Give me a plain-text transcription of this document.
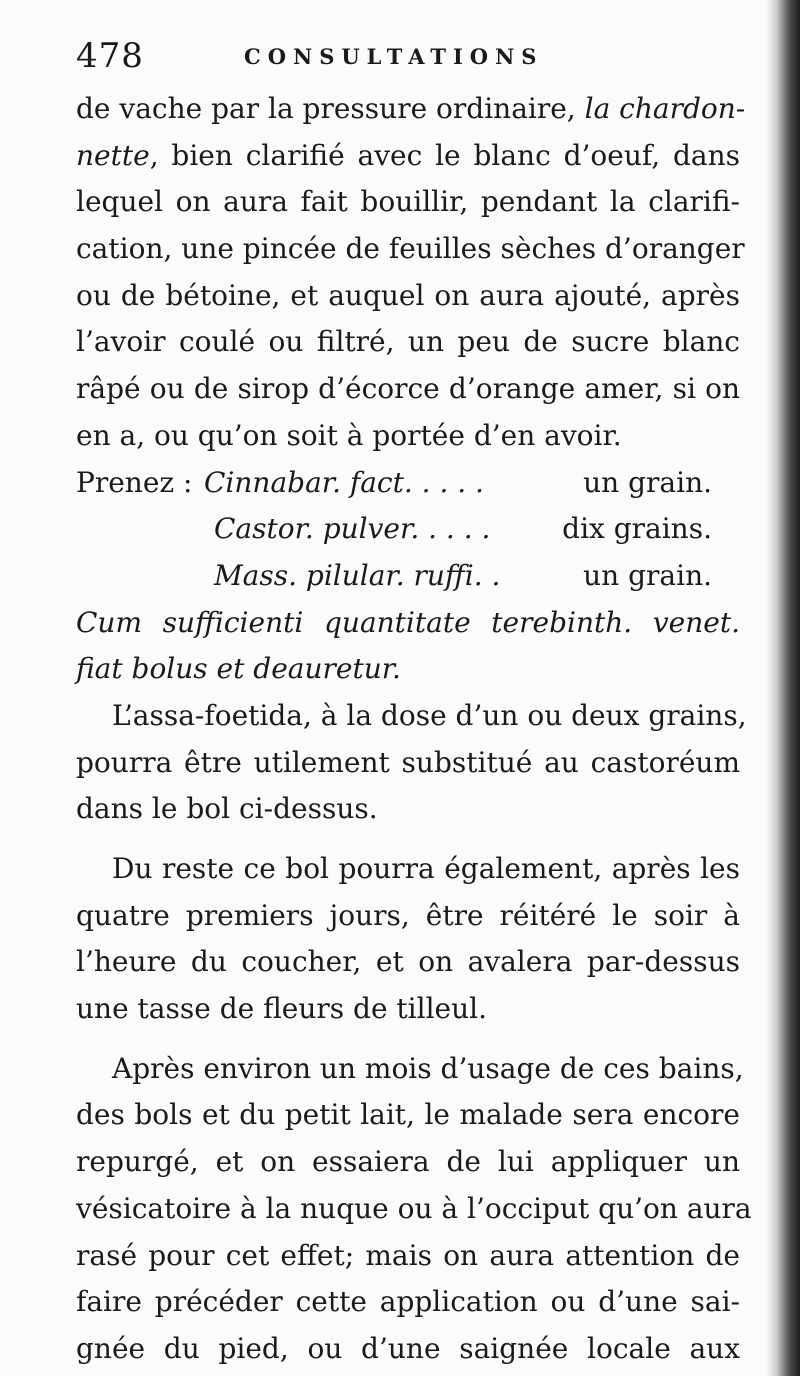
478	CONSULTATIONS
de vache par la pressure ordinaire, la chardon-
nette, bien clarifié avec le blanc d’oeuf, dans
lequel on aura fait bouillir, pendant la clarifi-
cation, une pincée de feuilles sèches d’oranger
ou de bétoine, et auquel on aura ajouté, après
l’avoir coulé ou filtré, un peu de sucre blanc
râpé ou de sirop d’écorce d’orange amer, si on
en a, ou qu’on soit à portée d’en avoir.
Prenez : Cinnabar. fact. . . . .	un grain.
Castor. pulver. . . . .	dix grains.
Mass. pilular. ruffi. .	un grain.
Cum sufficienti quantitate terebinth. venet.
fiat bolus et deauretur.
L’assa-foetida, à la dose d’un ou deux grains,
pourra être utilement substitué au castoréum
dans le bol ci-dessus.
Du reste ce bol pourra également, après les
quatre premiers jours, être réitéré le soir à
l’heure du coucher, et on avalera par-dessus
une tasse de fleurs de tilleul.
Après environ un mois d’usage de ces bains,
des bols et du petit lait, le malade sera encore
repurgé, et on essaiera de lui appliquer un
vésicatoire à la nuque ou à l’occiput qu’on aura
rasé pour cet effet; mais on aura attention de
faire précéder cette application ou d’une sai-
gnée du pied, ou d’une saignée locale aux
